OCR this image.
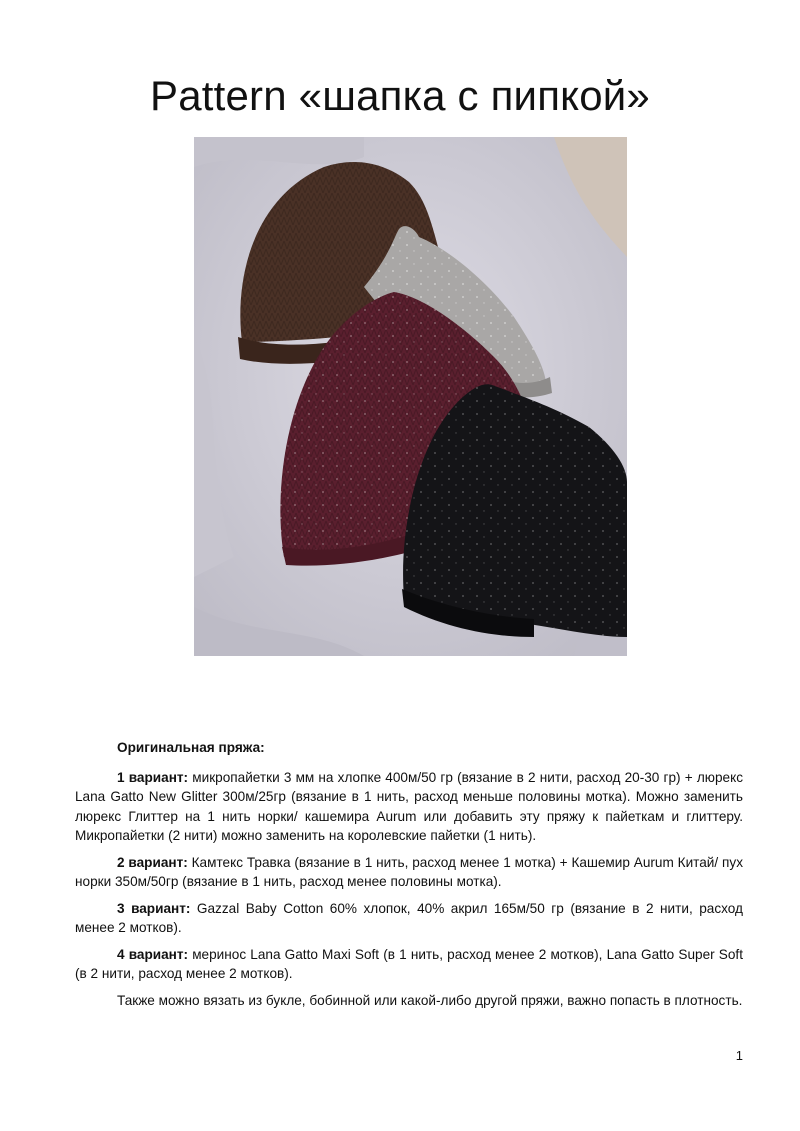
Pattern «шапка с пипкой»

Оригинальная пряжа:

1 вариант: микропайетки 3 мм на хлопке 400м/50 гр (вязание в 2 нити, расход 20-30 гр) + люрекс Lana Gatto New Glitter 300м/25гр (вязание в 1 нить, расход меньше половины мотка). Можно заменить люрекс Глиттер на 1 нить норки/ кашемира Aurum или добавить эту пряжу к пайеткам и глиттеру. Микропайетки (2 нити) можно заменить на королевские пайетки (1 нить).

2 вариант: Камтекс Травка (вязание в 1 нить, расход менее 1 мотка) + Кашемир Aurum Китай/ пух норки 350м/50гр (вязание в 1 нить, расход менее половины мотка).

3 вариант: Gazzal Baby Cotton 60% хлопок, 40% акрил 165м/50 гр (вязание в 2 нити, расход менее 2 мотков).

4 вариант: меринос Lana Gatto Maxi Soft (в 1 нить, расход менее 2 мотков), Lana Gatto Super Soft (в 2 нити, расход менее 2 мотков).

Также можно вязать из букле, бобинной или какой-либо другой пряжи, важно попасть в плотность.

1
